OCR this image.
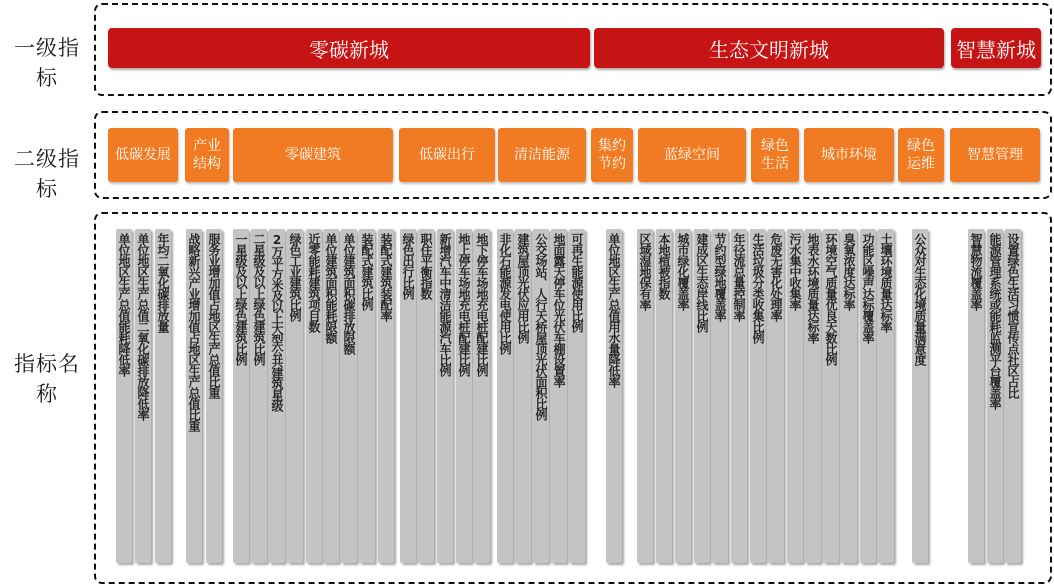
一级指标
二级指标
指标名称
零碳新城	生态文明新城	智慧新城
低碳发展
产业
结构
零碳建筑	低碳出行	清洁能源
集约
节约
蓝绿空间
绿色
生活
城市环境
绿色
运维
智慧管理
单位地区生产总值能耗降低率 单位地区生产总值二氧化碳排放降低率 年均二氧化碳排放量 战略新兴产业增加值占地区生产总值比重 服务业增加值占地区生产总值比重 一星级及以上绿色建筑比例 二星级及以上绿色建筑比例 2万平方米及以上大型公共建筑星级 绿色工业建筑比例 近零能耗建筑项目数 单位建筑面积能耗限额 单位建筑面积碳排放限额 装配式建筑比例 装配式建筑装配率 绿色出行比例 职住平衡指数 新增汽车中清洁能源汽车比例 地上停车场地充电桩配建比例 地下停车场地充电桩配建比例 非化石能源发电使用比例 建筑屋顶光伏应用比例 公交场站、人行天桥屋顶光伏面积比例 地面露天停车位光伏车棚设置率 可再生能源使用比例 单位地区生产总值用水量降低率 区域湿地保有率 本地植被指数 城市绿化覆盖率 建成区生态岸线比例 节约型绿地覆盖率 年径流总量控制率 生活垃圾分类收集比例 危废无害化处理率 污水集中收集率 地表水环境质量达标率 环境空气质量优良天数比例 臭氧浓度达标率 功能区噪声达标覆盖率 土壤环境质量达标率 公众对生态化境质量满意度	智慧物流覆盖率 能源管理系统或能耗监测平台覆盖率 设置绿色生活习惯宣传点社区占比
